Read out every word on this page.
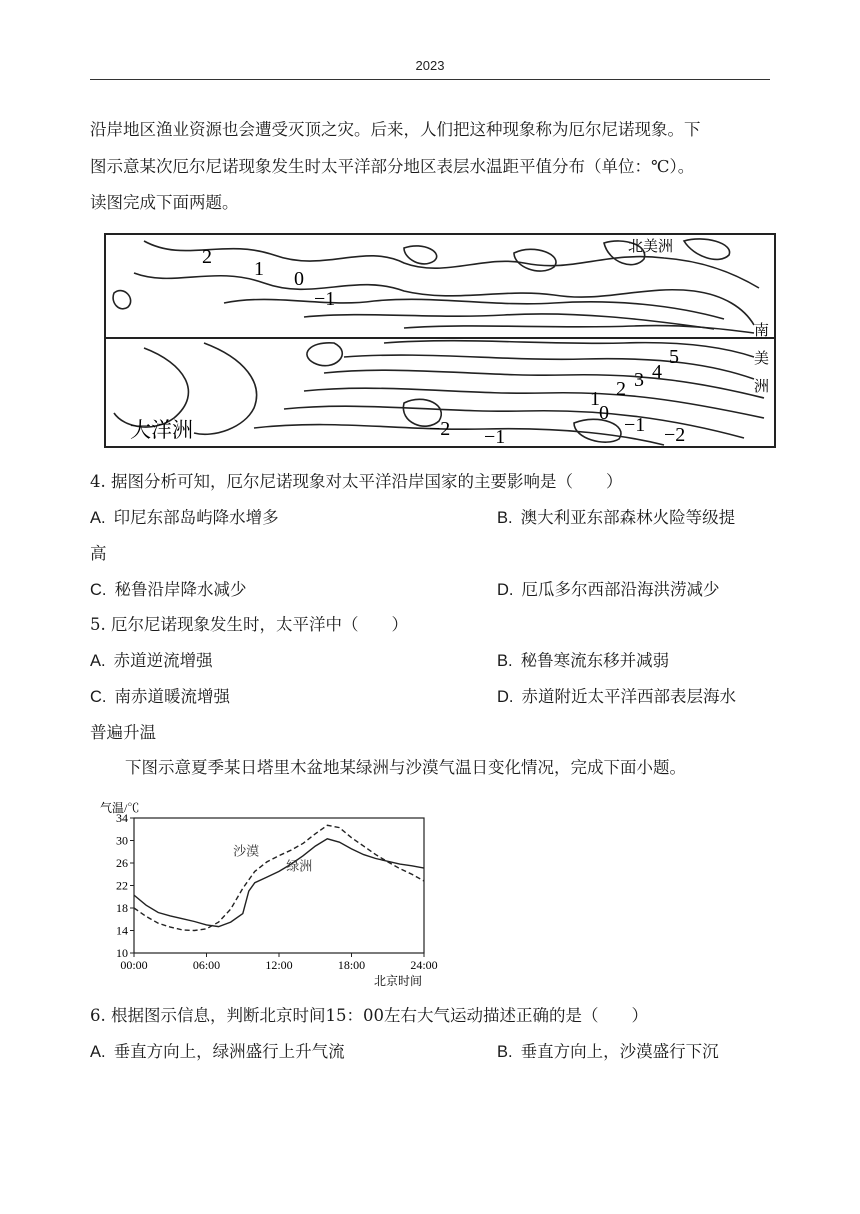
2023
沿岸地区渔业资源也会遭受灭顶之灾。后来，人们把这种现象称为厄尔尼诺现象。下
图示意某次厄尔尼诺现象发生时太平洋部分地区表层水温距平值分布（单位：℃）。
读图完成下面两题。
2
1 0
−1
5
4
3
2
1
0
−1 −2
−2 −1
北美洲
南
美
洲
大洋洲
4. 据图分析可知，厄尔尼诺现象对太平洋沿岸国家的主要影响是（　　）
A. 印尼东部岛屿降水增多	B. 澳大利亚东部森林火险等级提
高
C. 秘鲁沿岸降水减少	D. 厄瓜多尔西部沿海洪涝减少
5. 厄尔尼诺现象发生时，太平洋中（　　）
A. 赤道逆流增强	B. 秘鲁寒流东移并减弱
C. 南赤道暖流增强	D. 赤道附近太平洋西部表层海水
普遍升温
下图示意夏季某日塔里木盆地某绿洲与沙漠气温日变化情况，完成下面小题。
10
14
18
22
26
30
34
00:00	06:00	12:00	18:00	24:00
气温/℃
北京时间
沙漠
绿洲
6. 根据图示信息，判断北京时间15：00左右大气运动描述正确的是（　　）
A. 垂直方向上，绿洲盛行上升气流	B. 垂直方向上，沙漠盛行下沉
